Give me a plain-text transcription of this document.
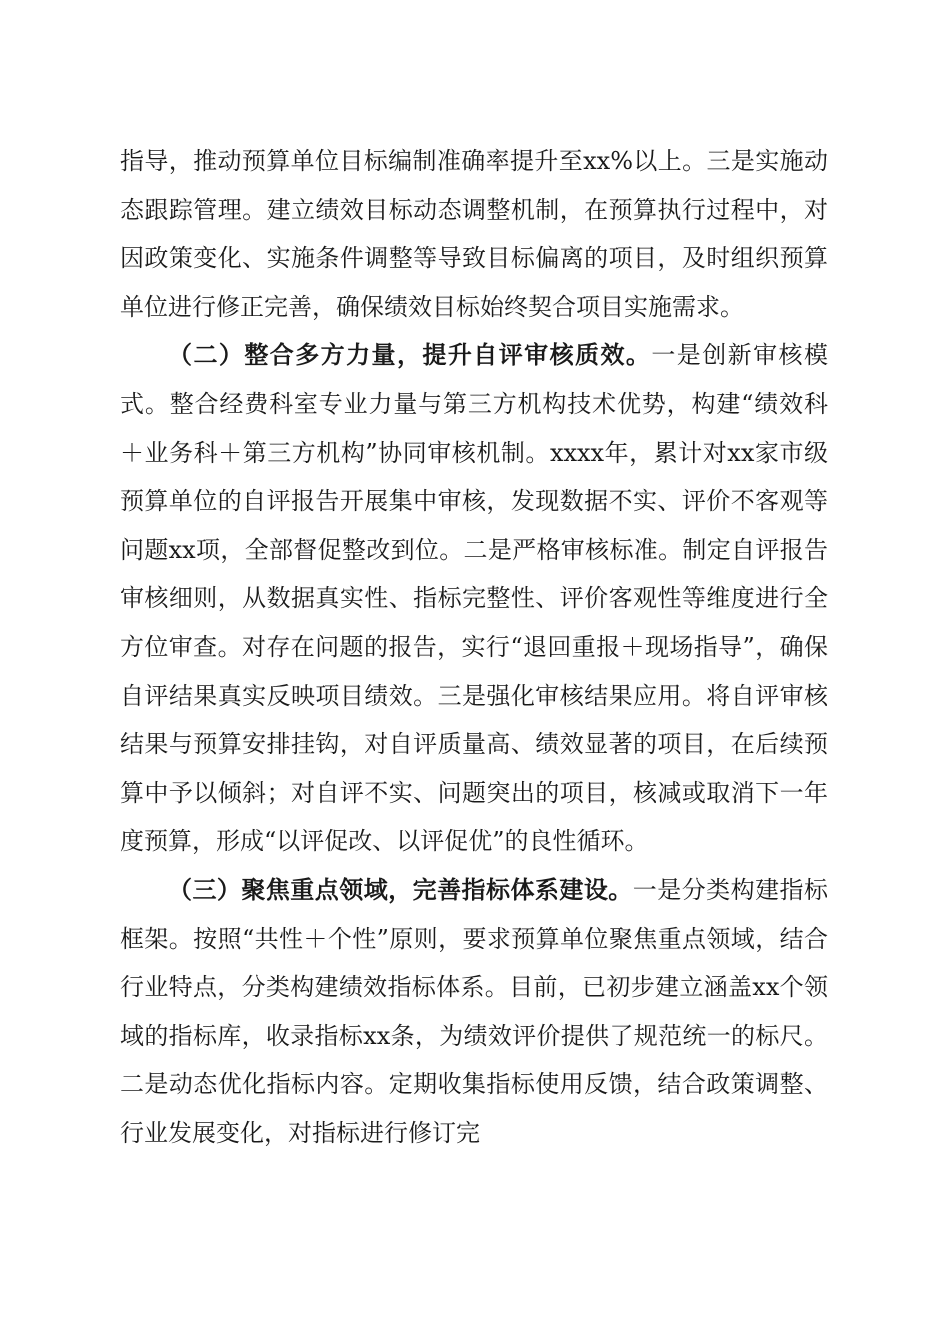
指导，推动预算单位目标编制准确率提升至xx%以上。三是实施动态跟踪管理。建立绩效目标动态调整机制，在预算执行过程中，对因政策变化、实施条件调整等导致目标偏离的项目，及时组织预算单位进行修正完善，确保绩效目标始终契合项目实施需求。

（二）整合多方力量，提升自评审核质效。一是创新审核模式。整合经费科室专业力量与第三方机构技术优势，构建“绩效科＋业务科＋第三方机构”协同审核机制。xxxx年，累计对xx家市级预算单位的自评报告开展集中审核，发现数据不实、评价不客观等问题xx项，全部督促整改到位。二是严格审核标准。制定自评报告审核细则，从数据真实性、指标完整性、评价客观性等维度进行全方位审查。对存在问题的报告，实行“退回重报＋现场指导”，确保自评结果真实反映项目绩效。三是强化审核结果应用。将自评审核结果与预算安排挂钩，对自评质量高、绩效显著的项目，在后续预算中予以倾斜；对自评不实、问题突出的项目，核减或取消下一年度预算，形成“以评促改、以评促优”的良性循环。

（三）聚焦重点领域，完善指标体系建设。一是分类构建指标框架。按照“共性＋个性”原则，要求预算单位聚焦重点领域，结合行业特点，分类构建绩效指标体系。目前，已初步建立涵盖xx个领域的指标库，收录指标xx条，为绩效评价提供了规范统一的标尺。二是动态优化指标内容。定期收集指标使用反馈，结合政策调整、行业发展变化，对指标进行修订完
